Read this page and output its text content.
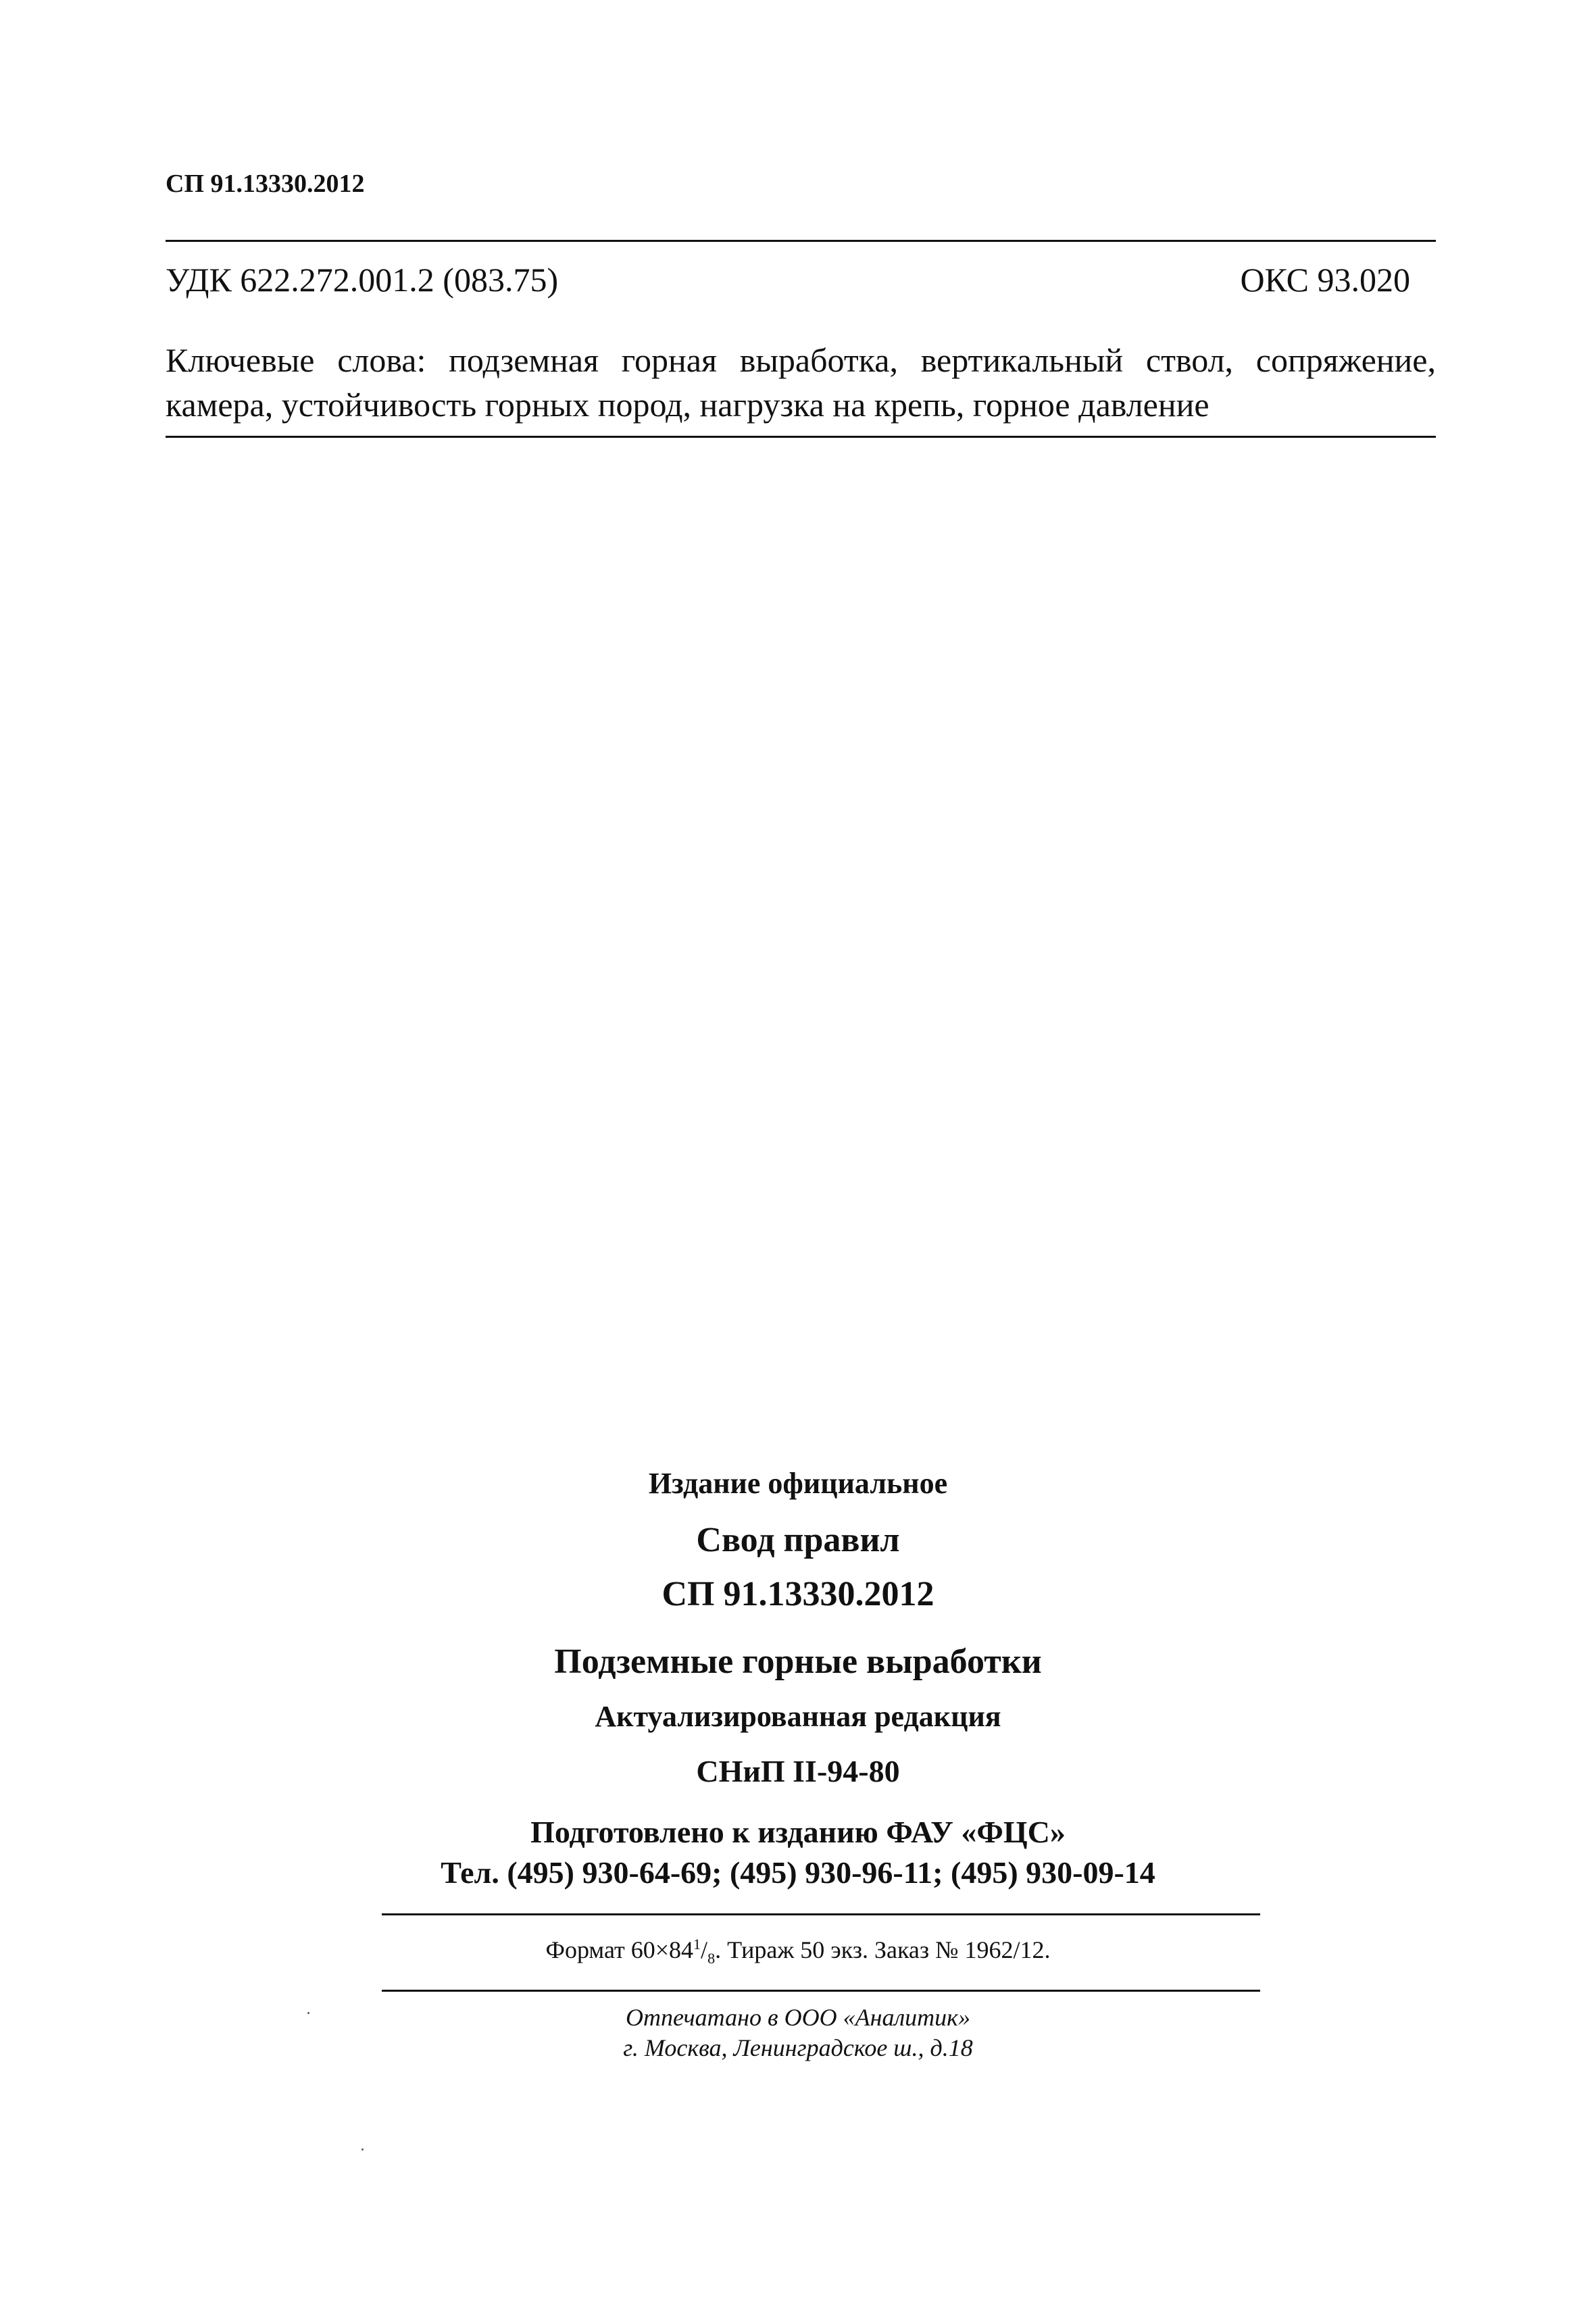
СП 91.13330.2012
УДК 622.272.001.2 (083.75)	ОКС 93.020
Ключевые слова: подземная горная выработка, вертикальный ствол, сопряжение, камера, устойчивость горных пород, нагрузка на крепь, горное давление
Издание официальное
Свод правил
СП 91.13330.2012
Подземные горные выработки
Актуализированная редакция
СНиП II-94-80
Подготовлено к изданию ФАУ «ФЦС»
Тел. (495) 930-64-69; (495) 930-96-11; (495) 930-09-14
Формат $60\times 84^1/_8$. Тираж 50 экз. Заказ № 1962/12.
Отпечатано в ООО «Аналитик»
г. Москва, Ленинградское ш., д.18
